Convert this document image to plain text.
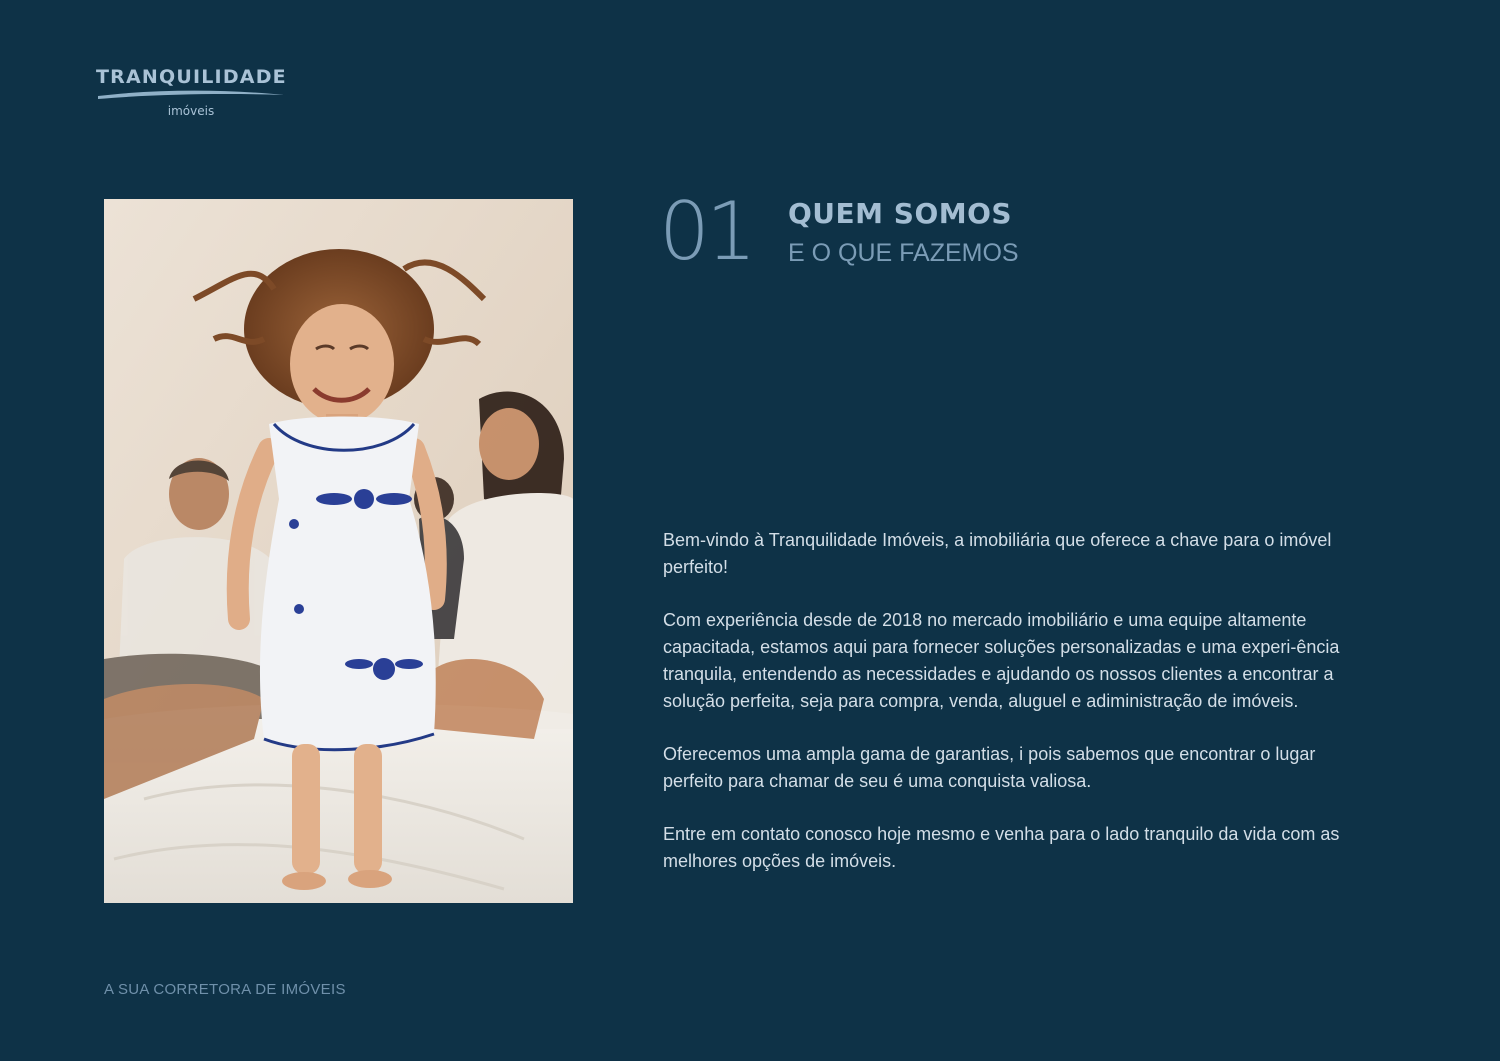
TRANQUILIDADE
imóveis
01 QUEM SOMOS
E O QUE FAZEMOS

Bem-vindo à Tranquilidade Imóveis, a imobiliária que oferece a chave para o imóvel perfeito!

Com experiência desde de 2018 no mercado imobiliário e uma equipe altamente capacitada, estamos aqui para fornecer soluções personalizadas e uma experi-ência tranquila, entendendo as necessidades e ajudando os nossos clientes a encontrar a solução perfeita, seja para compra, venda, aluguel e adiministração de imóveis.

Oferecemos uma ampla gama de garantias, i pois sabemos que encontrar o lugar perfeito para chamar de seu é uma conquista valiosa.

Entre em contato conosco hoje mesmo e venha para o lado tranquilo da vida com as melhores opções de imóveis.

A SUA CORRETORA DE IMÓVEIS
